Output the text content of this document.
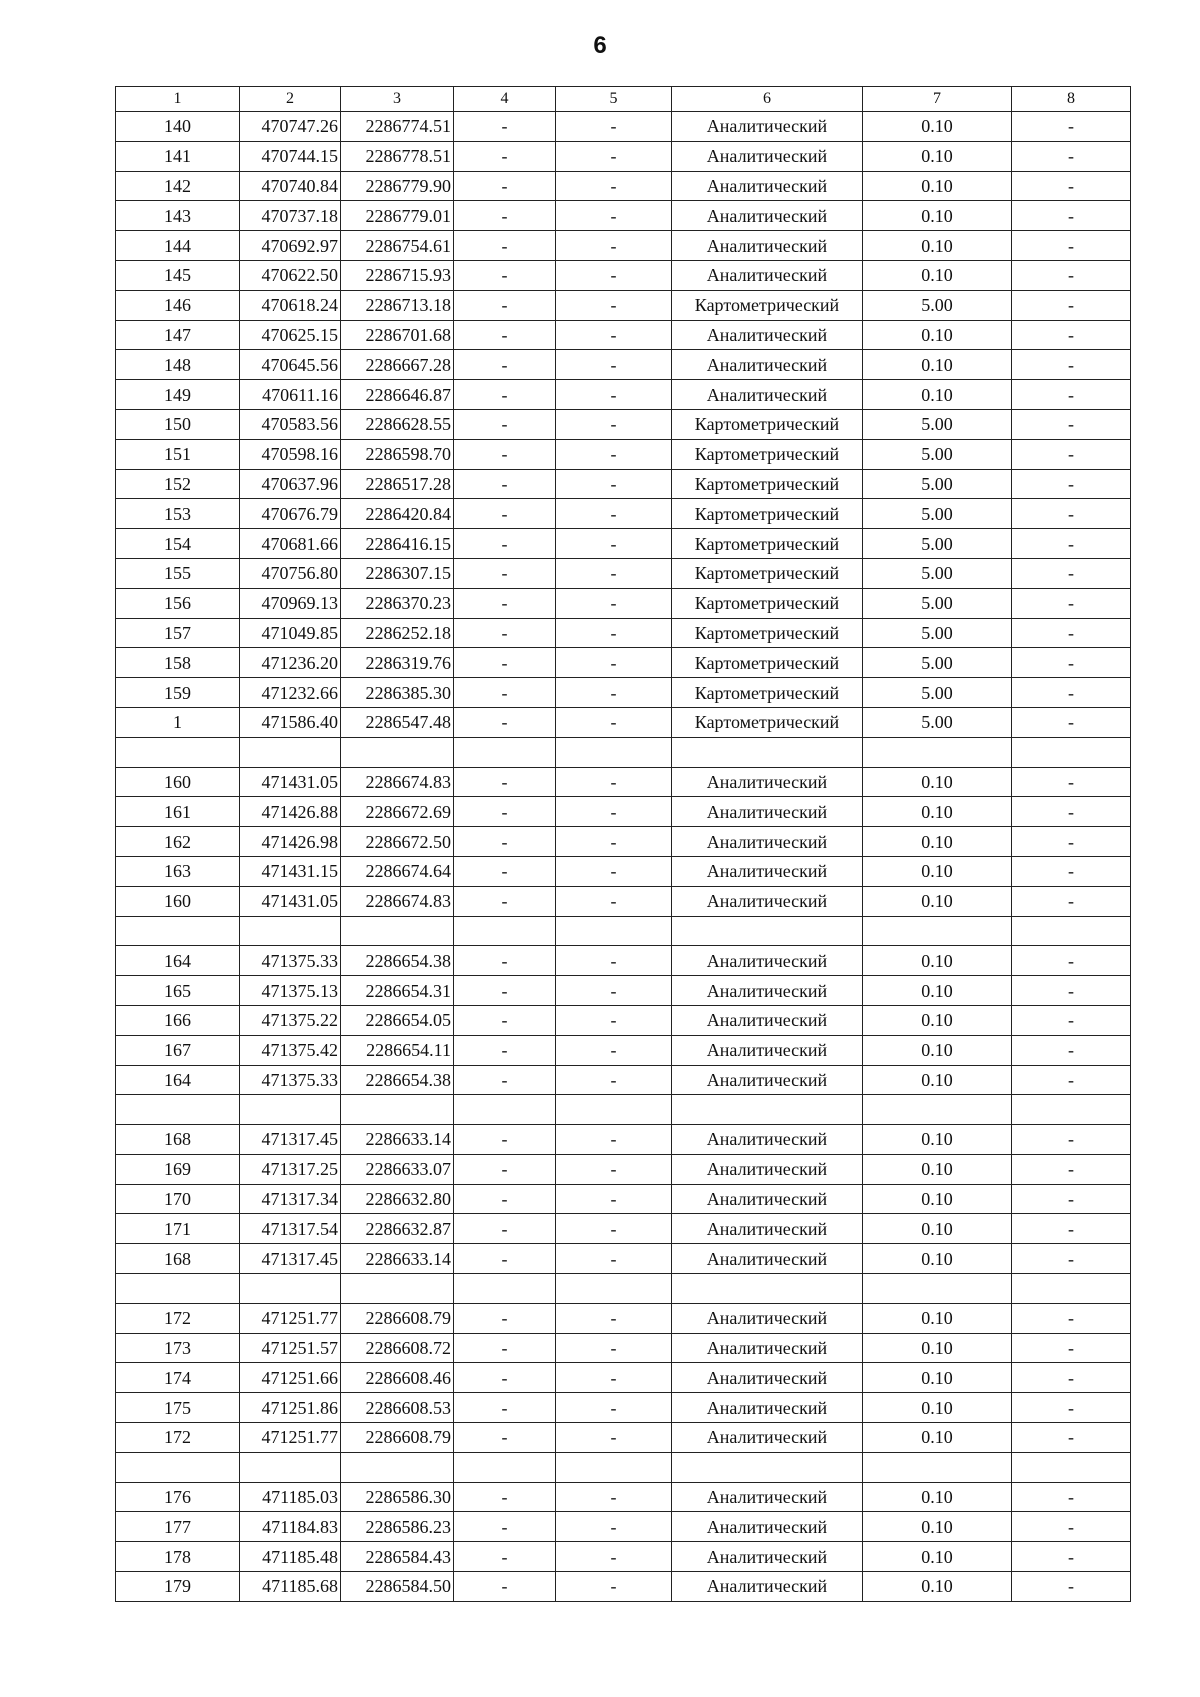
6
1	2	3	4	5	6	7	8
140	470747.26	2286774.51	-	-	Аналитический	0.10	-
141	470744.15	2286778.51	-	-	Аналитический	0.10	-
142	470740.84	2286779.90	-	-	Аналитический	0.10	-
143	470737.18	2286779.01	-	-	Аналитический	0.10	-
144	470692.97	2286754.61	-	-	Аналитический	0.10	-
145	470622.50	2286715.93	-	-	Аналитический	0.10	-
146	470618.24	2286713.18	-	-	Картометрический	5.00	-
147	470625.15	2286701.68	-	-	Аналитический	0.10	-
148	470645.56	2286667.28	-	-	Аналитический	0.10	-
149	470611.16	2286646.87	-	-	Аналитический	0.10	-
150	470583.56	2286628.55	-	-	Картометрический	5.00	-
151	470598.16	2286598.70	-	-	Картометрический	5.00	-
152	470637.96	2286517.28	-	-	Картометрический	5.00	-
153	470676.79	2286420.84	-	-	Картометрический	5.00	-
154	470681.66	2286416.15	-	-	Картометрический	5.00	-
155	470756.80	2286307.15	-	-	Картометрический	5.00	-
156	470969.13	2286370.23	-	-	Картометрический	5.00	-
157	471049.85	2286252.18	-	-	Картометрический	5.00	-
158	471236.20	2286319.76	-	-	Картометрический	5.00	-
159	471232.66	2286385.30	-	-	Картометрический	5.00	-
1	471586.40	2286547.48	-	-	Картометрический	5.00	-

160	471431.05	2286674.83	-	-	Аналитический	0.10	-
161	471426.88	2286672.69	-	-	Аналитический	0.10	-
162	471426.98	2286672.50	-	-	Аналитический	0.10	-
163	471431.15	2286674.64	-	-	Аналитический	0.10	-
160	471431.05	2286674.83	-	-	Аналитический	0.10	-

164	471375.33	2286654.38	-	-	Аналитический	0.10	-
165	471375.13	2286654.31	-	-	Аналитический	0.10	-
166	471375.22	2286654.05	-	-	Аналитический	0.10	-
167	471375.42	2286654.11	-	-	Аналитический	0.10	-
164	471375.33	2286654.38	-	-	Аналитический	0.10	-

168	471317.45	2286633.14	-	-	Аналитический	0.10	-
169	471317.25	2286633.07	-	-	Аналитический	0.10	-
170	471317.34	2286632.80	-	-	Аналитический	0.10	-
171	471317.54	2286632.87	-	-	Аналитический	0.10	-
168	471317.45	2286633.14	-	-	Аналитический	0.10	-

172	471251.77	2286608.79	-	-	Аналитический	0.10	-
173	471251.57	2286608.72	-	-	Аналитический	0.10	-
174	471251.66	2286608.46	-	-	Аналитический	0.10	-
175	471251.86	2286608.53	-	-	Аналитический	0.10	-
172	471251.77	2286608.79	-	-	Аналитический	0.10	-

176	471185.03	2286586.30	-	-	Аналитический	0.10	-
177	471184.83	2286586.23	-	-	Аналитический	0.10	-
178	471185.48	2286584.43	-	-	Аналитический	0.10	-
179	471185.68	2286584.50	-	-	Аналитический	0.10	-
